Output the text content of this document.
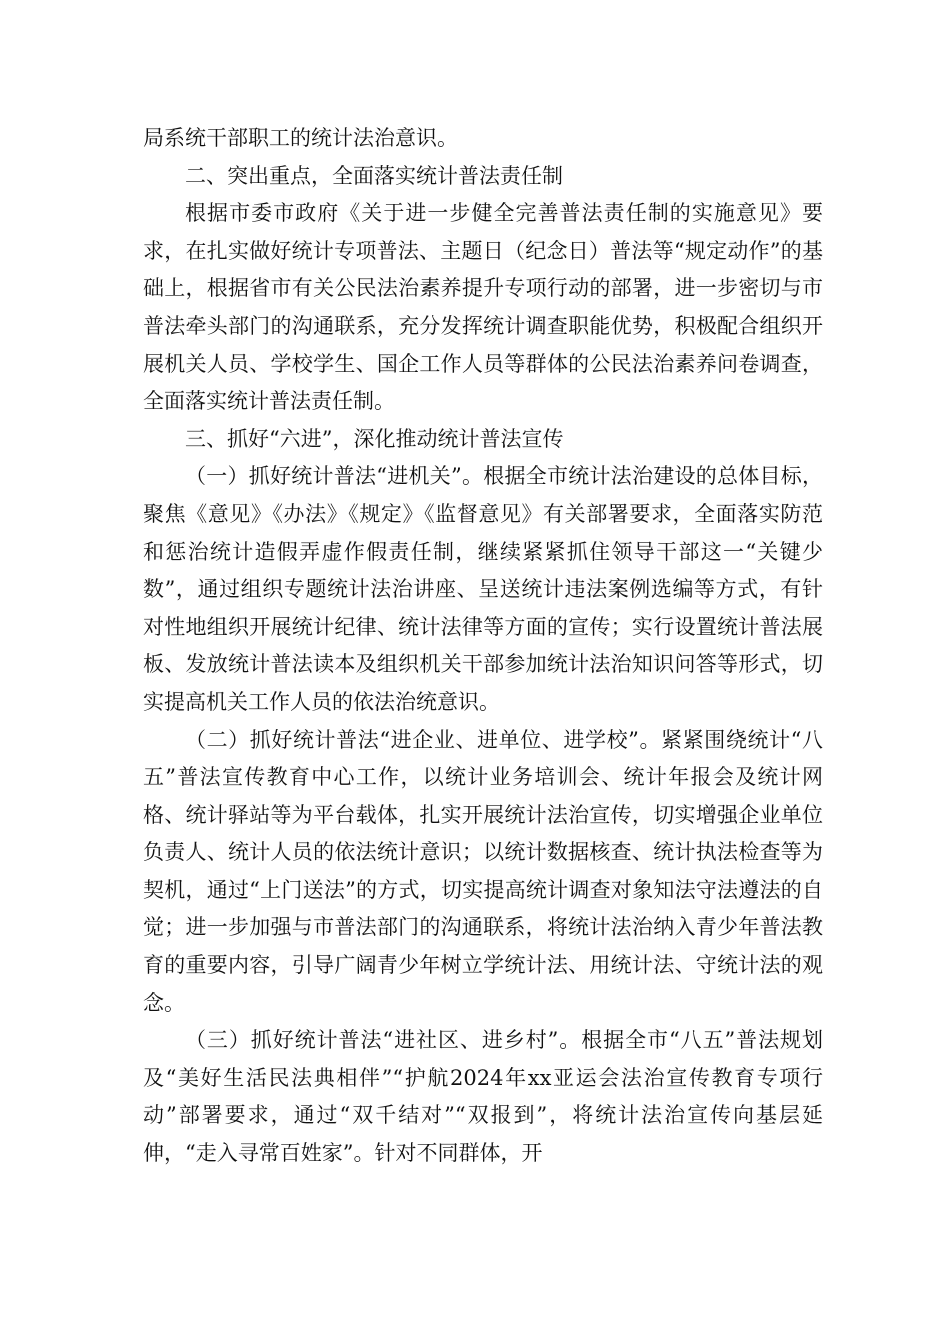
局系统干部职工的统计法治意识。

二、突出重点，全面落实统计普法责任制

根据市委市政府《关于进一步健全完善普法责任制的实施意见》要求，在扎实做好统计专项普法、主题日（纪念日）普法等“规定动作”的基础上，根据省市有关公民法治素养提升专项行动的部署，进一步密切与市普法牵头部门的沟通联系，充分发挥统计调查职能优势，积极配合组织开展机关人员、学校学生、国企工作人员等群体的公民法治素养问卷调查，全面落实统计普法责任制。

三、抓好“六进”，深化推动统计普法宣传

（一）抓好统计普法“进机关”。根据全市统计法治建设的总体目标，聚焦《意见》《办法》《规定》《监督意见》有关部署要求，全面落实防范和惩治统计造假弄虚作假责任制，继续紧紧抓住领导干部这一“关键少数”，通过组织专题统计法治讲座、呈送统计违法案例选编等方式，有针对性地组织开展统计纪律、统计法律等方面的宣传；实行设置统计普法展板、发放统计普法读本及组织机关干部参加统计法治知识问答等形式，切实提高机关工作人员的依法治统意识。

（二）抓好统计普法“进企业、进单位、进学校”。紧紧围绕统计“八五”普法宣传教育中心工作，以统计业务培训会、统计年报会及统计网格、统计驿站等为平台载体，扎实开展统计法治宣传，切实增强企业单位负责人、统计人员的依法统计意识；以统计数据核查、统计执法检查等为契机，通过“上门送法”的方式，切实提高统计调查对象知法守法遵法的自觉；进一步加强与市普法部门的沟通联系，将统计法治纳入青少年普法教育的重要内容，引导广阔青少年树立学统计法、用统计法、守统计法的观念。

（三）抓好统计普法“进社区、进乡村”。根据全市“八五”普法规划及“美好生活民法典相伴”“护航2024年xx亚运会法治宣传教育专项行动”部署要求，通过“双千结对”“双报到”，将统计法治宣传向基层延伸，“走入寻常百姓家”。针对不同群体，开
